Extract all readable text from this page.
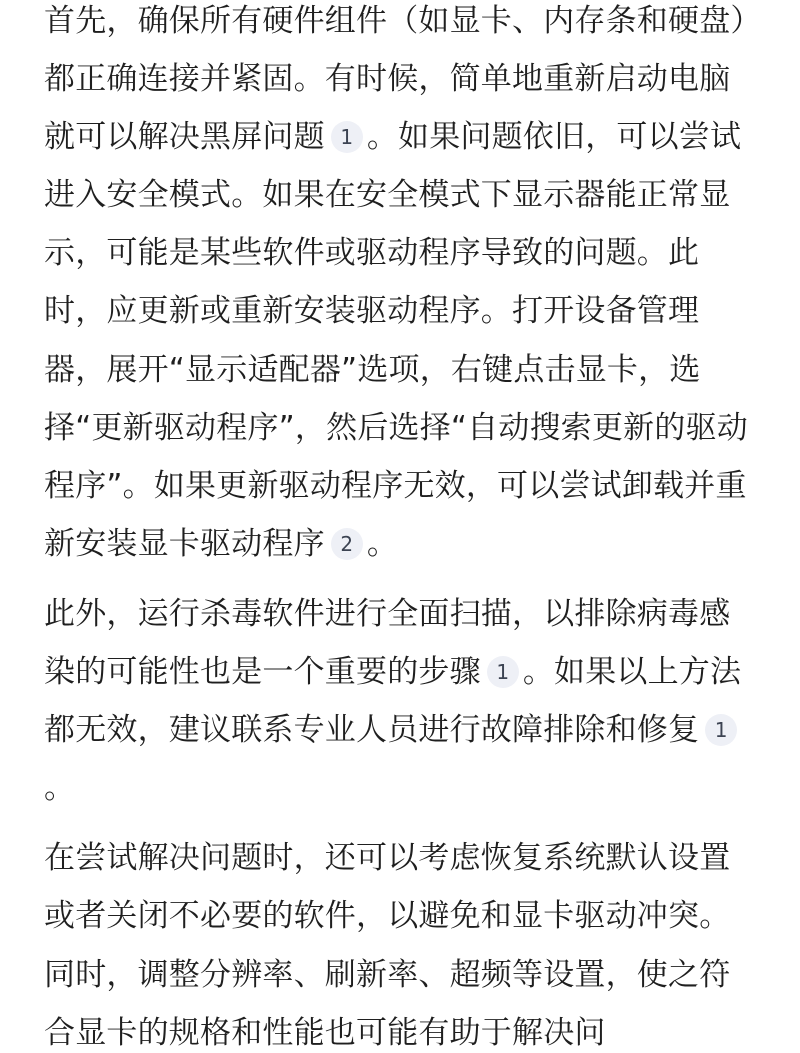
首先，确保所有硬件组件（如显卡、内存条和硬盘）都正确连接并紧固。有时候，简单地重新启动电脑就可以解决黑屏问题 1 。如果问题依旧，可以尝试进入安全模式。如果在安全模式下显示器能正常显示，可能是某些软件或驱动程序导致的问题。此时，应更新或重新安装驱动程序。打开设备管理器，展开“显示适配器”选项，右键点击显卡，选择“更新驱动程序”，然后选择“自动搜索更新的驱动程序”。如果更新驱动程序无效，可以尝试卸载并重新安装显卡驱动程序 2 。

此外，运行杀毒软件进行全面扫描，以排除病毒感染的可能性也是一个重要的步骤 1 。如果以上方法都无效，建议联系专业人员进行故障排除和修复 1。

在尝试解决问题时，还可以考虑恢复系统默认设置或者关闭不必要的软件，以避免和显卡驱动冲突。同时，调整分辨率、刷新率、超频等设置，使之符合显卡的规格和性能也可能有助于解决问
